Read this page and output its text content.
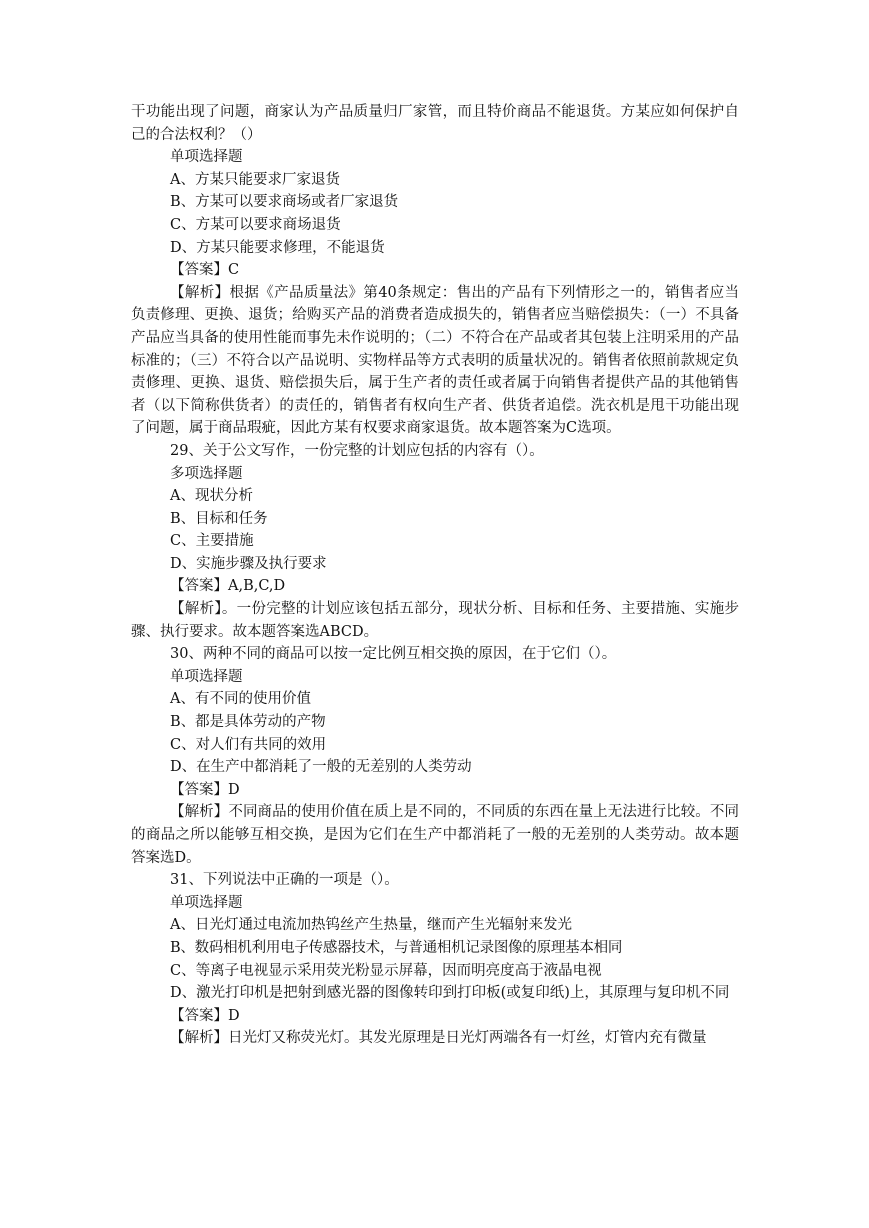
干功能出现了问题，商家认为产品质量归厂家管，而且特价商品不能退货。方某应如何保护自己的合法权利？（）

单项选择题

A、方某只能要求厂家退货

B、方某可以要求商场或者厂家退货

C、方某可以要求商场退货

D、方某只能要求修理，不能退货

【答案】C

【解析】根据《产品质量法》第40条规定：售出的产品有下列情形之一的，销售者应当负责修理、更换、退货；给购买产品的消费者造成损失的，销售者应当赔偿损失：（一）不具备产品应当具备的使用性能而事先未作说明的；（二）不符合在产品或者其包装上注明采用的产品标准的；（三）不符合以产品说明、实物样品等方式表明的质量状况的。销售者依照前款规定负责修理、更换、退货、赔偿损失后，属于生产者的责任或者属于向销售者提供产品的其他销售者（以下简称供货者）的责任的，销售者有权向生产者、供货者追偿。洗衣机是甩干功能出现了问题，属于商品瑕疵，因此方某有权要求商家退货。故本题答案为C选项。

29、关于公文写作，一份完整的计划应包括的内容有（）。

多项选择题

A、现状分析

B、目标和任务

C、主要措施

D、实施步骤及执行要求

【答案】A,B,C,D

【解析】。一份完整的计划应该包括五部分，现状分析、目标和任务、主要措施、实施步骤、执行要求。故本题答案选ABCD。

30、两种不同的商品可以按一定比例互相交换的原因，在于它们（）。

单项选择题

A、有不同的使用价值

B、都是具体劳动的产物

C、对人们有共同的效用

D、在生产中都消耗了一般的无差别的人类劳动

【答案】D

【解析】不同商品的使用价值在质上是不同的，不同质的东西在量上无法进行比较。不同的商品之所以能够互相交换，是因为它们在生产中都消耗了一般的无差别的人类劳动。故本题答案选D。

31、下列说法中正确的一项是（）。

单项选择题

A、日光灯通过电流加热钨丝产生热量，继而产生光辐射来发光

B、数码相机利用电子传感器技术，与普通相机记录图像的原理基本相同

C、等离子电视显示采用荧光粉显示屏幕，因而明亮度高于液晶电视

D、激光打印机是把射到感光器的图像转印到打印板(或复印纸)上，其原理与复印机不同

【答案】D

【解析】日光灯又称荧光灯。其发光原理是日光灯两端各有一灯丝，灯管内充有微量
